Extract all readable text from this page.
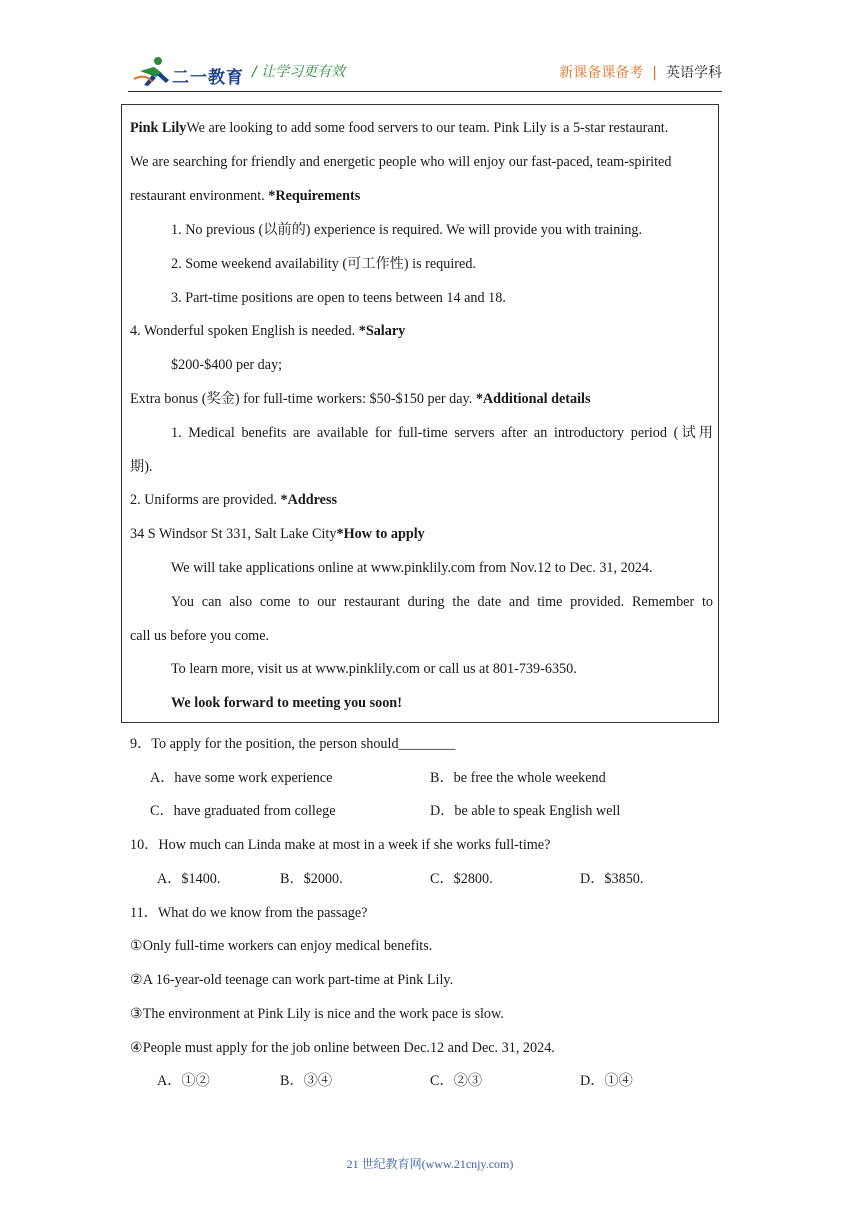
二一教育 / 让学习更有效	新课备课备考 | 英语学科
Pink LilyWe are looking to add some food servers to our team. Pink Lily is a 5-star restaurant.
We are searching for friendly and energetic people who will enjoy our fast-paced, team-spirited
restaurant environment. *Requirements
1. No previous (以前的) experience is required. We will provide you with training.
2. Some weekend availability (可工作性) is required.
3. Part-time positions are open to teens between 14 and 18.
4. Wonderful spoken English is needed. *Salary
$200-$400 per day;
Extra bonus (奖金) for full-time workers: $50-$150 per day. *Additional details
1. Medical benefits are available for full-time servers after an introductory period (试用
期).
2. Uniforms are provided. *Address
34 S Windsor St 331, Salt Lake City*How to apply
We will take applications online at www.pinklily.com from Nov.12 to Dec. 31, 2024.
You can also come to our restaurant during the date and time provided. Remember to
call us before you come.
To learn more, visit us at www.pinklily.com or call us at 801-739-6350.
We look forward to meeting you soon!
9．To apply for the position, the person should________
A．have some work experience	B．be free the whole weekend
C．have graduated from college	D．be able to speak English well
10．How much can Linda make at most in a week if she works full-time?
A．$1400.	B．$2000.	C．$2800.	D．$3850.
11．What do we know from the passage?
①Only full-time workers can enjoy medical benefits.
②A 16-year-old teenage can work part-time at Pink Lily.
③The environment at Pink Lily is nice and the work pace is slow.
④People must apply for the job online between Dec.12 and Dec. 31, 2024.
A．①②	B．③④	C．②③	D．①④
21 世纪教育网(www.21cnjy.com)
